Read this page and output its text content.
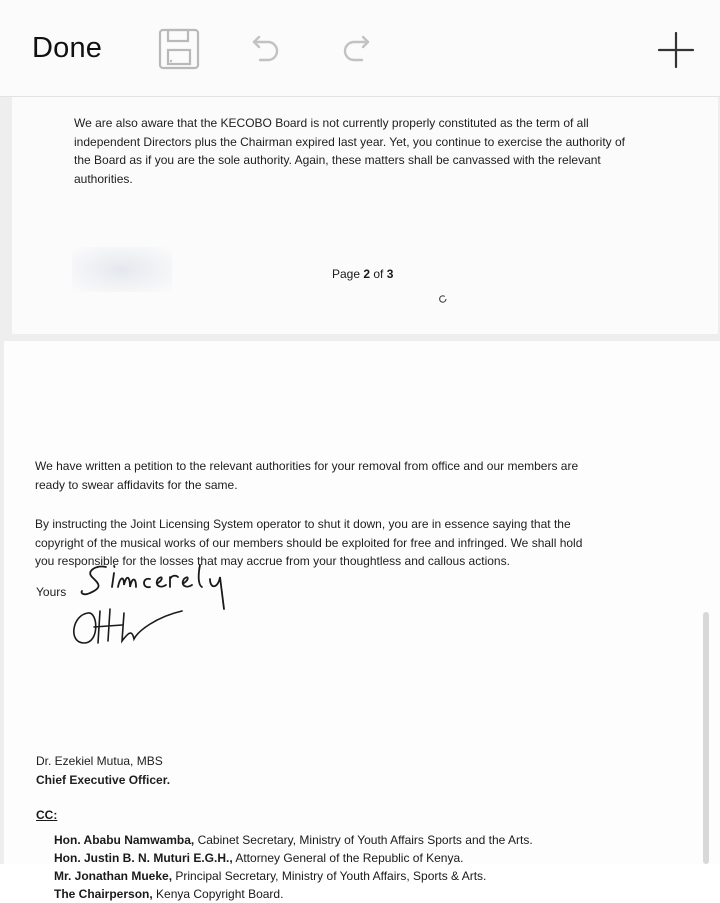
Done
We are also aware that the KECOBO Board is not currently properly constituted as the term of all
independent Directors plus the Chairman expired last year. Yet, you continue to exercise the authority of
the Board as if you are the sole authority. Again, these matters shall be canvassed with the relevant
authorities.
Page 2 of 3
We have written a petition to the relevant authorities for your removal from office and our members are
ready to swear affidavits for the same.
By instructing the Joint Licensing System operator to shut it down, you are in essence saying that the
copyright of the musical works of our members should be exploited for free and infringed. We shall hold
you responsible for the losses that may accrue from your thoughtless and callous actions.
Yours
Dr. Ezekiel Mutua, MBS
Chief Executive Officer.
CC:
Hon. Ababu Namwamba, Cabinet Secretary, Ministry of Youth Affairs Sports and the Arts.
Hon. Justin B. N. Muturi E.G.H., Attorney General of the Republic of Kenya.
Mr. Jonathan Mueke, Principal Secretary, Ministry of Youth Affairs, Sports & Arts.
The Chairperson, Kenya Copyright Board.
